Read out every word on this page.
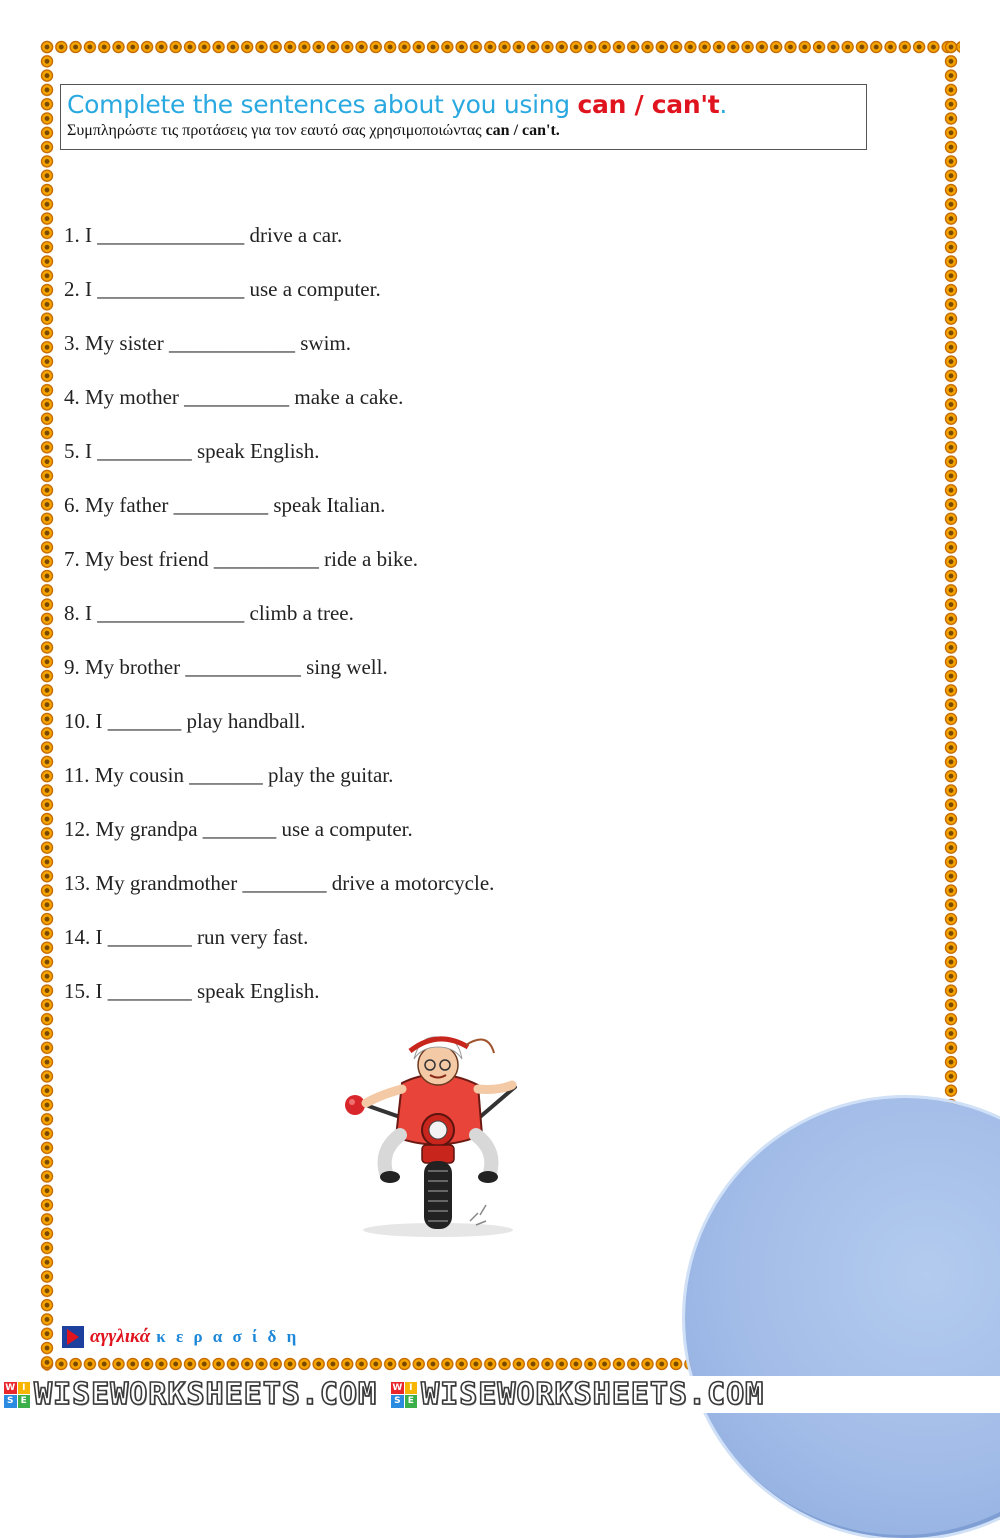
Complete the sentences about you using can / can't.
Συμπληρώστε τις προτάσεις για τον εαυτό σας χρησιμοποιώντας can / can't.
1. I ______________ drive a car.
2. I ______________ use a computer.
3. My sister ____________ swim.
4. My mother __________ make a cake.
5. I _________ speak English.
6. My father _________ speak Italian.
7. My best friend __________ ride a bike.
8. I ______________ climb a tree.
9. My brother ___________ sing well.
10. I _______ play handball.
11. My cousin _______ play the guitar.
12. My grandpa _______ use a computer.
13. My grandmother ________ drive a motorcycle.
14. I ________ run very fast.
15. I ________ speak English.
αγγλικά κ ε ρ α σ ί δ η
W I
S E WISEWORKSHEETS.COM W I
S E WISEWORKSHEETS.COM
